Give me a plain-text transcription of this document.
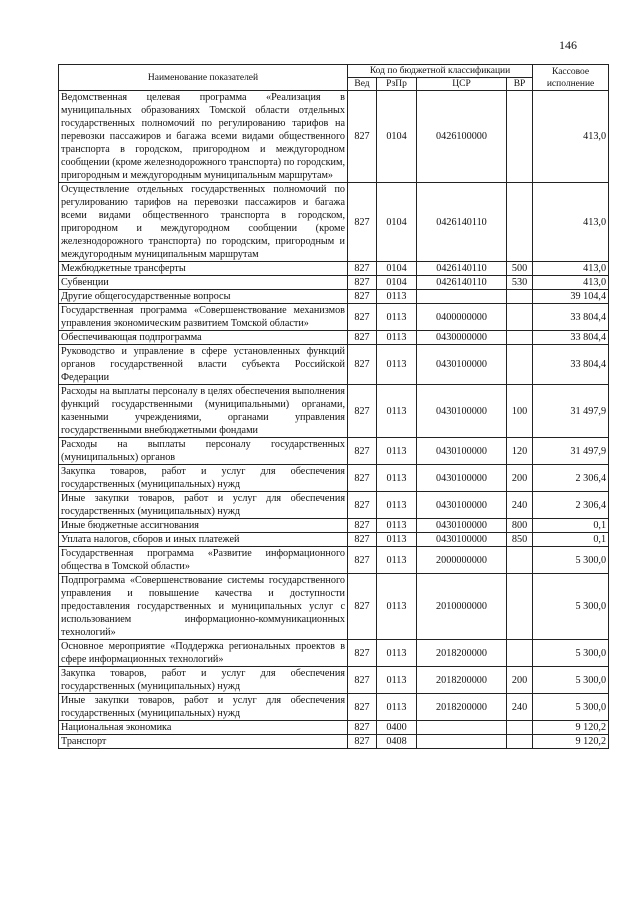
146
Наименование показателей	Код по бюджетной классификации				Кассовое исполнение
	Вед	РзПр	ЦСР	ВР	
Ведомственная целевая программа «Реализация в муниципальных образованиях Томской области отдельных государственных полномочий по регулированию тарифов на перевозки пассажиров и багажа всеми видами общественного транспорта в городском, пригородном и междугородном сообщении (кроме железнодорожного транспорта) по городским, пригородным и междугородным муниципальным маршрутам»	827	0104	0426100000		413,0
Осуществление отдельных государственных полномочий по регулированию тарифов на перевозки пассажиров и багажа всеми видами общественного транспорта в городском, пригородном и междугородном сообщении (кроме железнодорожного транспорта) по городским, пригородным и междугородным муниципальным маршрутам	827	0104	0426140110		413,0
Межбюджетные трансферты	827	0104	0426140110	500	413,0
Субвенции	827	0104	0426140110	530	413,0
Другие общегосударственные вопросы	827	0113			39 104,4
Государственная программа «Совершенствование механизмов управления экономическим развитием Томской области»	827	0113	0400000000		33 804,4
Обеспечивающая подпрограмма	827	0113	0430000000		33 804,4
Руководство и управление в сфере установленных функций органов государственной власти субъекта Российской Федерации	827	0113	0430100000		33 804,4
Расходы на выплаты персоналу в целях обеспечения выполнения функций государственными (муниципальными) органами, казенными учреждениями, органами управления государственными внебюджетными фондами	827	0113	0430100000	100	31 497,9
Расходы на выплаты персоналу государственных (муниципальных) органов	827	0113	0430100000	120	31 497,9
Закупка товаров, работ и услуг для обеспечения государственных (муниципальных) нужд	827	0113	0430100000	200	2 306,4
Иные закупки товаров, работ и услуг для обеспечения государственных (муниципальных) нужд	827	0113	0430100000	240	2 306,4
Иные бюджетные ассигнования	827	0113	0430100000	800	0,1
Уплата налогов, сборов и иных платежей	827	0113	0430100000	850	0,1
Государственная программа «Развитие информационного общества в Томской области»	827	0113	2000000000		5 300,0
Подпрограмма «Совершенствование системы государственного управления и повышение качества и доступности предоставления государственных и муниципальных услуг с использованием информационно-коммуникационных технологий»	827	0113	2010000000		5 300,0
Основное мероприятие «Поддержка региональных проектов в сфере информационных технологий»	827	0113	2018200000		5 300,0
Закупка товаров, работ и услуг для обеспечения государственных (муниципальных) нужд	827	0113	2018200000	200	5 300,0
Иные закупки товаров, работ и услуг для обеспечения государственных (муниципальных) нужд	827	0113	2018200000	240	5 300,0
Национальная экономика	827	0400			9 120,2
Транспорт	827	0408			9 120,2
